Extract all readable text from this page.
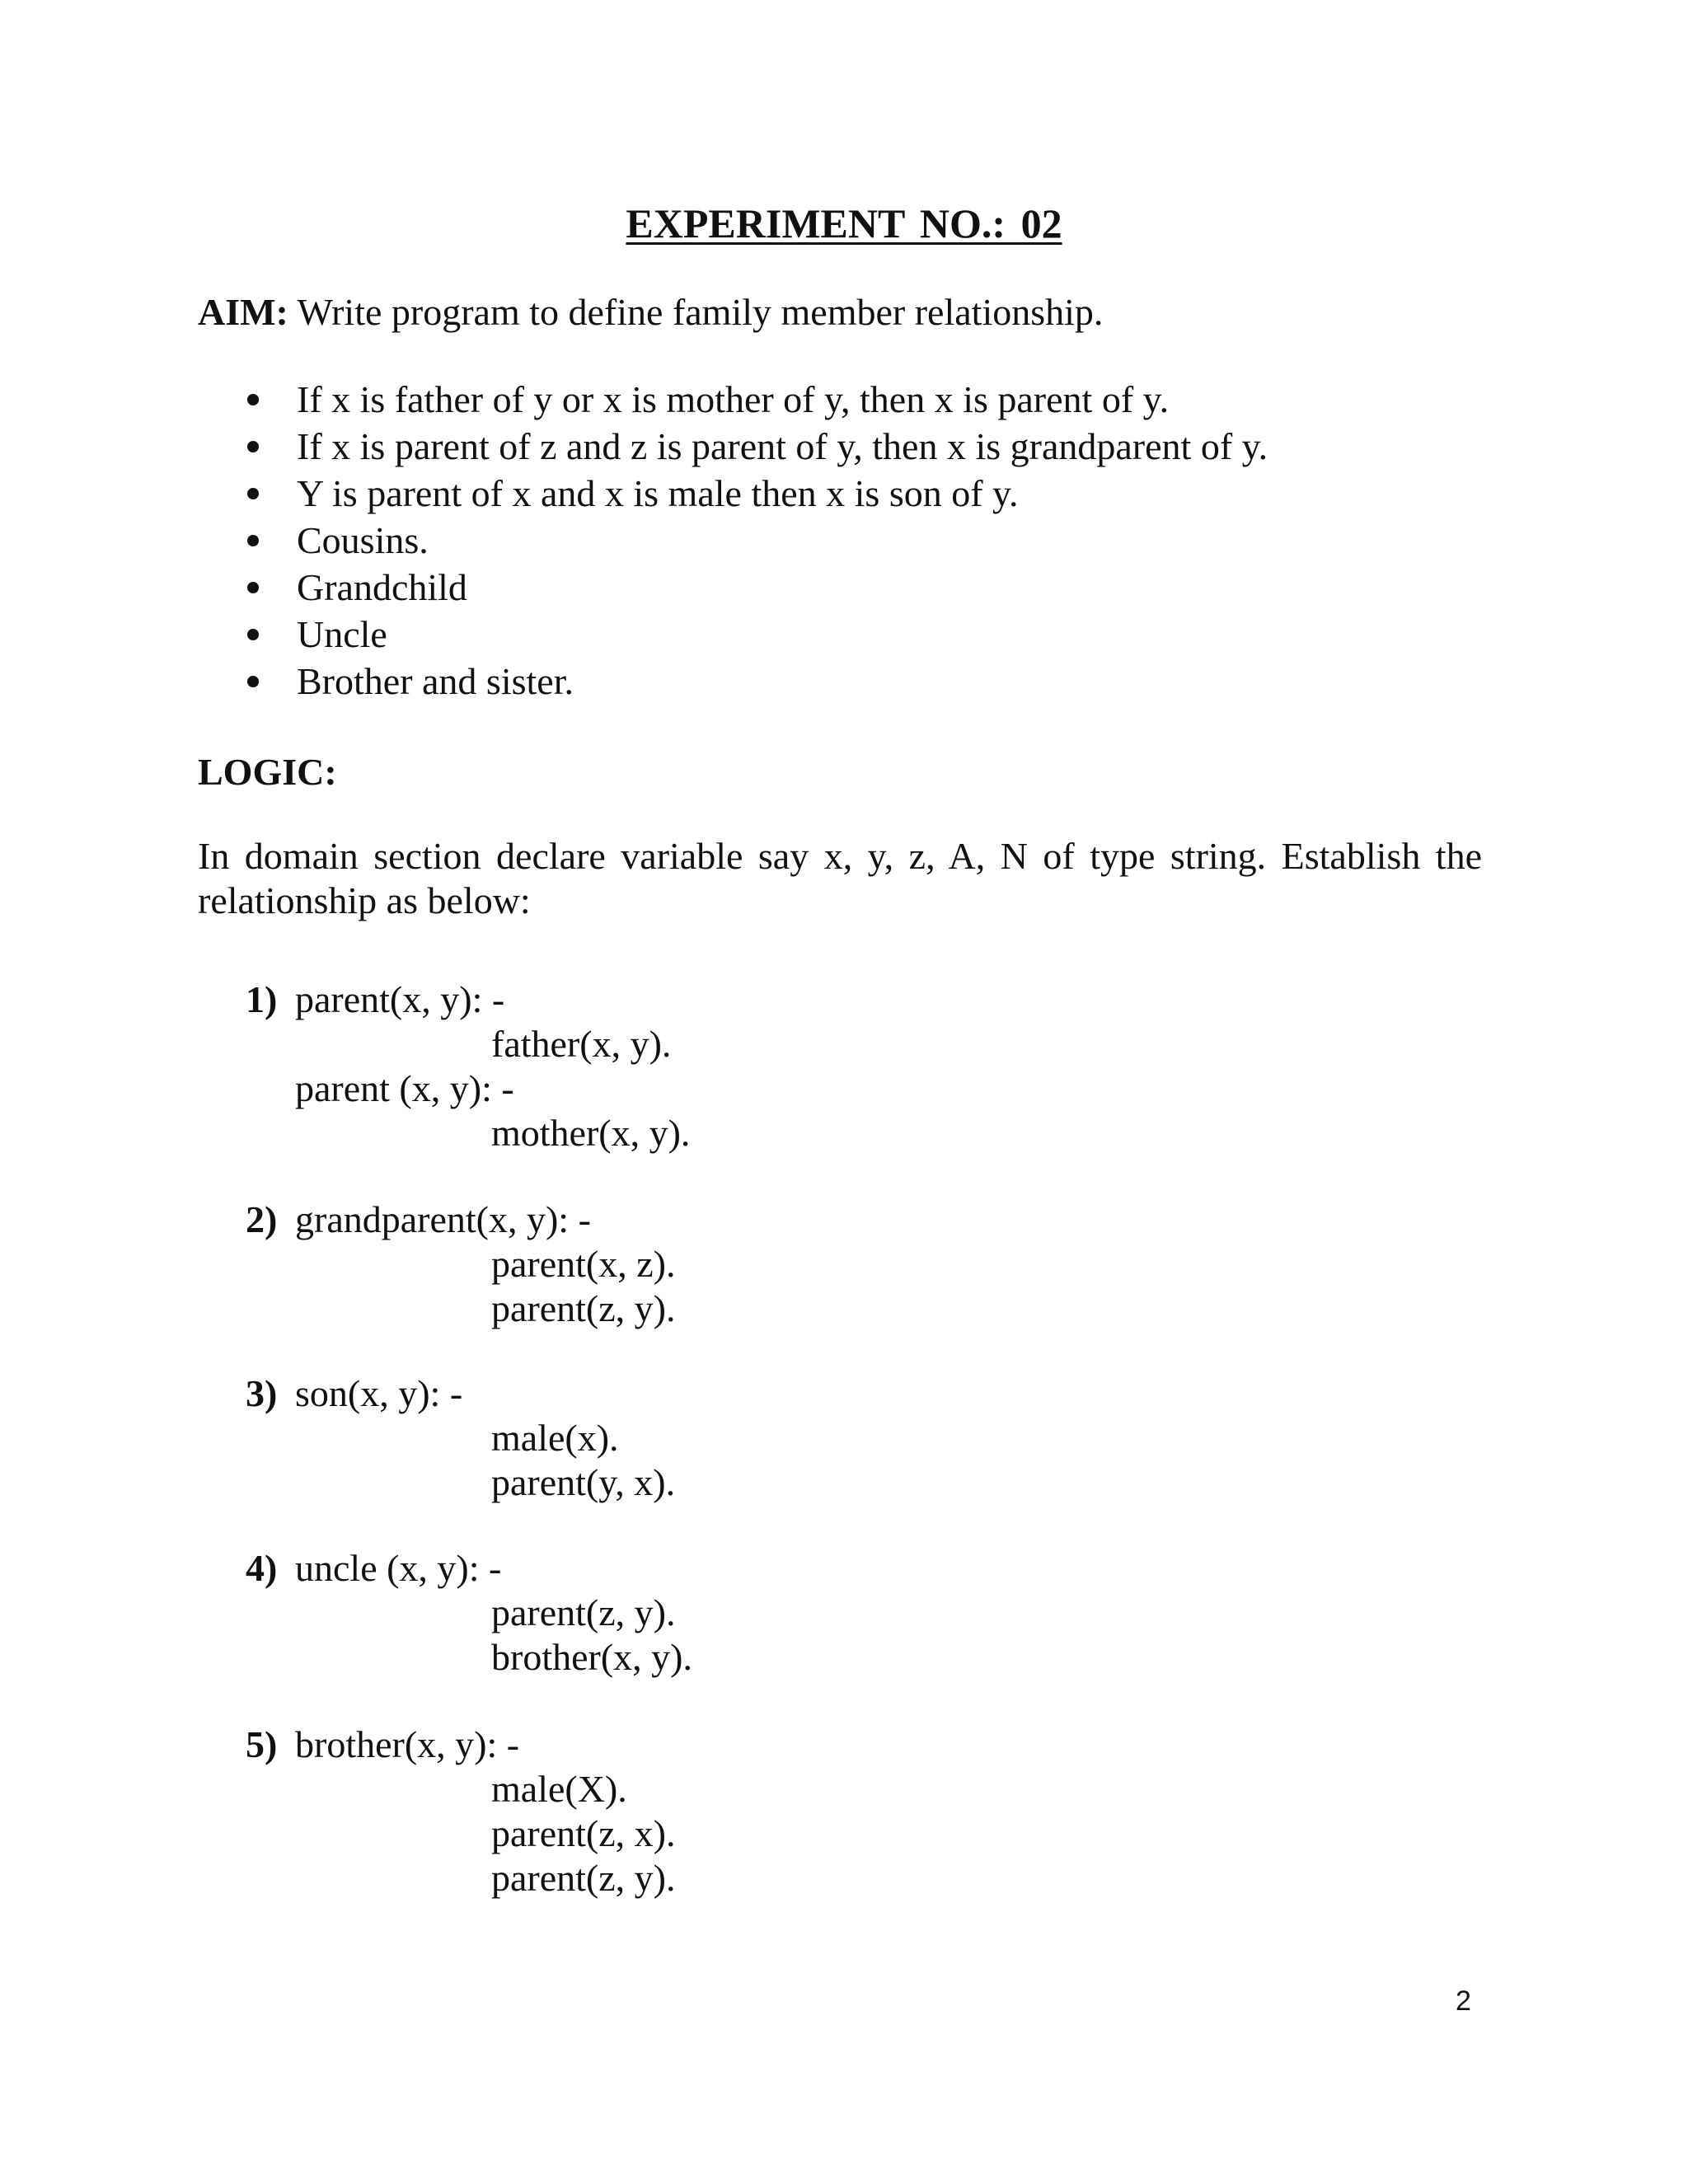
EXPERIMENT NO.: 02
AIM: Write program to define family member relationship.
If x is father of y or x is mother of y, then x is parent of y.
If x is parent of z and z is parent of y, then x is grandparent of y.
Y is parent of x and x is male then x is son of y.
Cousins.
Grandchild
Uncle
Brother and sister.
LOGIC:
In domain section declare variable say x, y, z, A, N of type string. Establish the relationship as below:
1) parent(x, y): -
father(x, y).
parent (x, y): -
mother(x, y).
2) grandparent(x, y): -
parent(x, z).
parent(z, y).
3) son(x, y): -
male(x).
parent(y, x).
4) uncle (x, y): -
parent(z, y).
brother(x, y).
5) brother(x, y): -
male(X).
parent(z, x).
parent(z, y).
2
